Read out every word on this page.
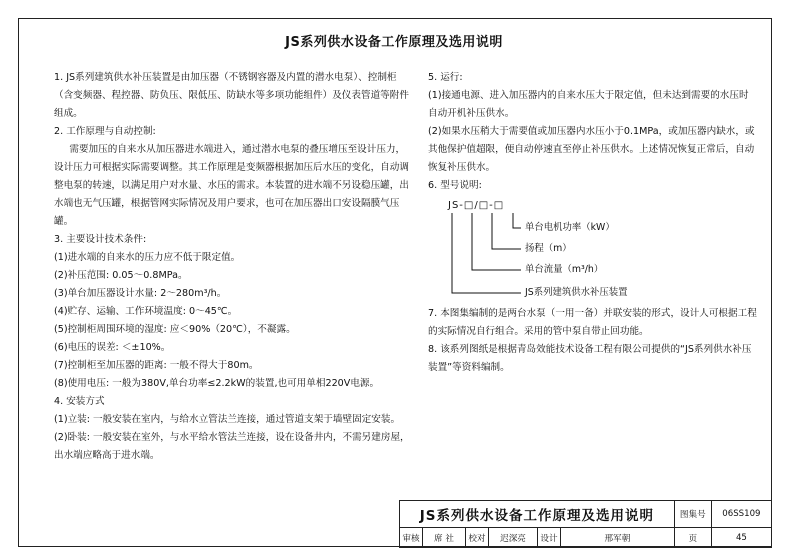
JS系列供水设备工作原理及选用说明

1. JS系列建筑供水补压装置是由加压器（不锈钢容器及内置的潜水电泵）、控制柜（含变频器、程控器、防负压、限低压、防缺水等多项功能组件）及仪表管道等附件组成。

2. 工作原理与自动控制:

需要加压的自来水从加压器进水端进入，通过潜水电泵的叠压增压至设计压力，设计压力可根据实际需要调整。其工作原理是变频器根据加压后水压的变化，自动调整电泵的转速，以满足用户对水量、水压的需求。本装置的进水端不另设稳压罐，出水端也无气压罐，根据管网实际情况及用户要求，也可在加压器出口安设隔膜气压罐。

3. 主要设计技术条件:

(1)进水端的自来水的压力应不低于限定值。

(2)补压范围: 0.05～0.8MPa。

(3)单台加压器设计水量: 2～280m³/h。

(4)贮存、运输、工作环境温度: 0～45℃。

(5)控制柜周围环境的湿度: 应＜90%（20℃），不凝露。

(6)电压的误差: ＜±10%。

(7)控制柜至加压器的距离: 一般不得大于80m。

(8)使用电压: 一般为380V,单台功率≤2.2kW的装置,也可用单相220V电源。

4. 安装方式

(1)立装: 一般安装在室内，与给水立管法兰连接，通过管道支架于墙壁固定安装。

(2)卧装: 一般安装在室外，与水平给水管法兰连接，设在设备井内，不需另建房屋，出水端应略高于进水端。

5. 运行:

(1)接通电源、进入加压器内的自来水压大于限定值，但未达到需要的水压时自动开机补压供水。

(2)如果水压稍大于需要值或加压器内水压小于0.1MPa，或加压器内缺水，或其他保护值超限，便自动停速直至停止补压供水。上述情况恢复正常后，自动恢复补压供水。

6. 型号说明:

JS-□/□-□
单台电机功率（kW）
扬程（m）
单台流量（m³/h）
JS系列建筑供水补压装置

7. 本图集编制的是两台水泵（一用一备）并联安装的形式，设计人可根据工程的实际情况自行组合。采用的管中泵自带止回功能。

8. 该系列图纸是根据青岛效能技术设备工程有限公司提供的“JS系列供水补压装置”等资料编制。

JS系列供水设备工作原理及选用说明						图集号	06SS109
审核	席 社	校对	迟深亮	设计	邢军朝	页	45
